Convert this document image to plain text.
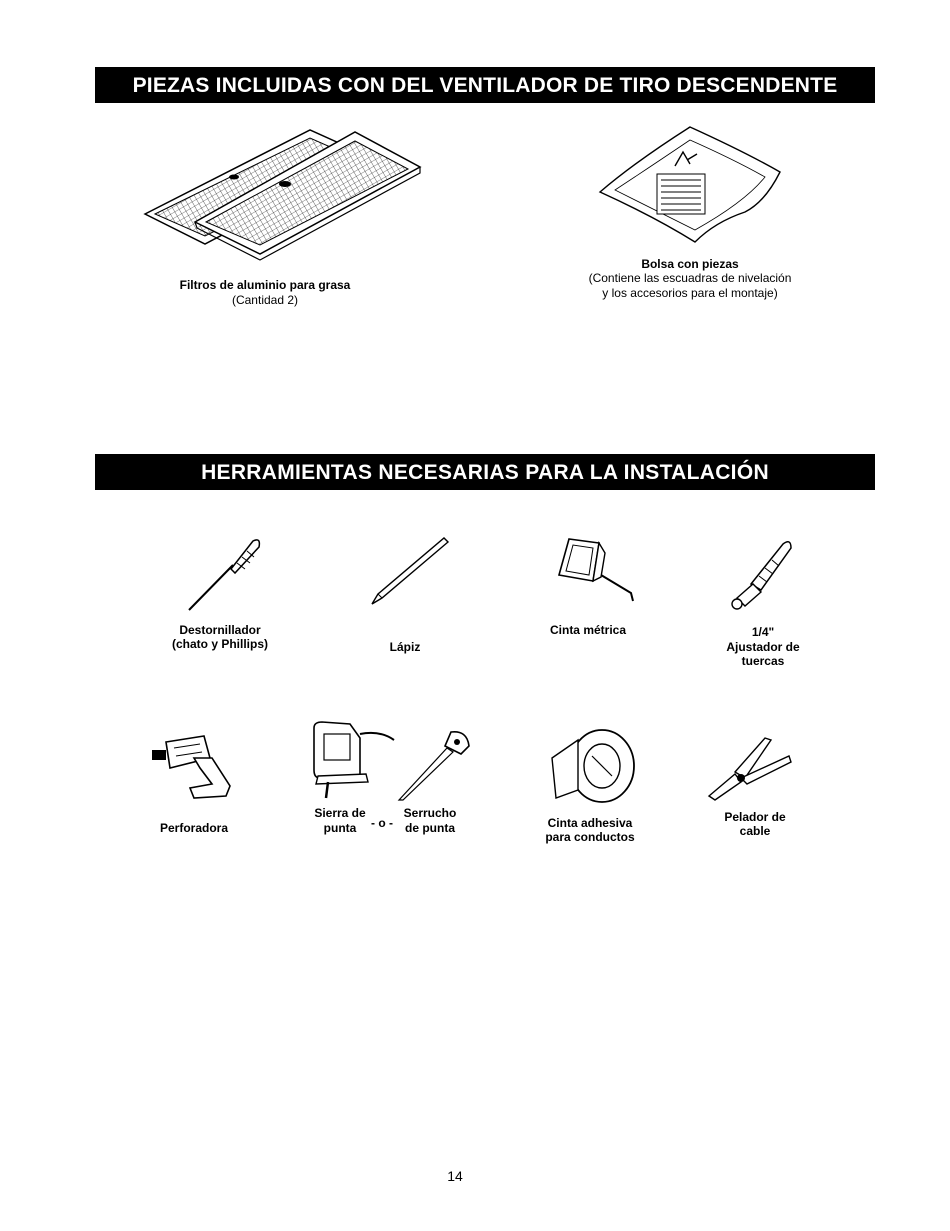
PIEZAS INCLUIDAS CON DEL VENTILADOR DE TIRO DESCENDENTE
HERRAMIENTAS NECESARIAS PARA LA INSTALACIÓN
Filtros de aluminio para grasa
(Cantidad 2)
Bolsa con piezas
(Contiene las escuadras de nivelación
y los accesorios para el montaje)
Destornillador
(chato y Phillips)	Lápiz
Cinta métrica	1/4"
Ajustador de
tuercas
Perforadora
Sierra de
punta	- o -
Serrucho
de punta	Cinta adhesiva
para conductos
Pelador de
cable
14
